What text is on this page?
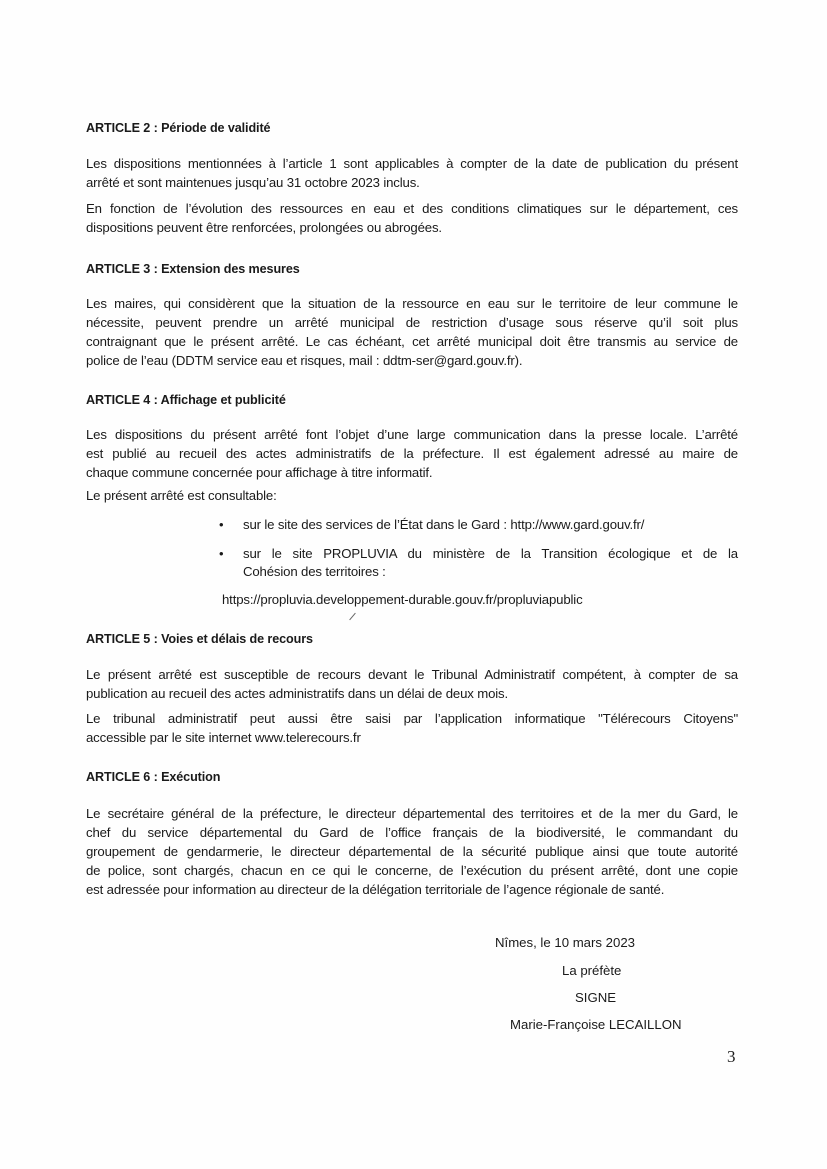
ARTICLE 2 : Période de validité
Les dispositions mentionnées à l’article 1 sont applicables à compter de la date de publication du présent
arrêté et sont maintenues jusqu’au 31 octobre 2023 inclus.
En fonction de l’évolution des ressources en eau et des conditions climatiques sur le département, ces
dispositions peuvent être renforcées, prolongées ou abrogées.
ARTICLE 3 : Extension des mesures
Les maires, qui considèrent que la situation de la ressource en eau sur le territoire de leur commune le
nécessite, peuvent prendre un arrêté municipal de restriction d’usage sous réserve qu’il soit plus
contraignant que le présent arrêté. Le cas échéant, cet arrêté municipal doit être transmis au service de
police de l’eau (DDTM service eau et risques, mail : ddtm-ser@gard.gouv.fr).
ARTICLE 4 : Affichage et publicité
Les dispositions du présent arrêté font l’objet d’une large communication dans la presse locale. L’arrêté
est publié au recueil des actes administratifs de la préfecture. Il est également adressé au maire de
chaque commune concernée pour affichage à titre informatif.
Le présent arrêté est consultable:
• sur le site des services de l’État dans le Gard : http://www.gard.gouv.fr/
• sur le site PROPLUVIA du ministère de la Transition écologique et de la
Cohésion des territoires :
https://propluvia.developpement-durable.gouv.fr/propluviapublic
ARTICLE 5 : Voies et délais de recours
Le présent arrêté est susceptible de recours devant le Tribunal Administratif compétent, à compter de sa
publication au recueil des actes administratifs dans un délai de deux mois.
Le tribunal administratif peut aussi être saisi par l’application informatique "Télérecours Citoyens"
accessible par le site internet www.telerecours.fr
ARTICLE 6 : Exécution
Le secrétaire général de la préfecture, le directeur départemental des territoires et de la mer du Gard, le
chef du service départemental du Gard de l’office français de la biodiversité, le commandant du
groupement de gendarmerie, le directeur départemental de la sécurité publique ainsi que toute autorité
de police, sont chargés, chacun en ce qui le concerne, de l’exécution du présent arrêté, dont une copie
est adressée pour information au directeur de la délégation territoriale de l’agence régionale de santé.
Nîmes, le 10 mars 2023
La préfète
SIGNE
Marie-Françoise LECAILLON
3
